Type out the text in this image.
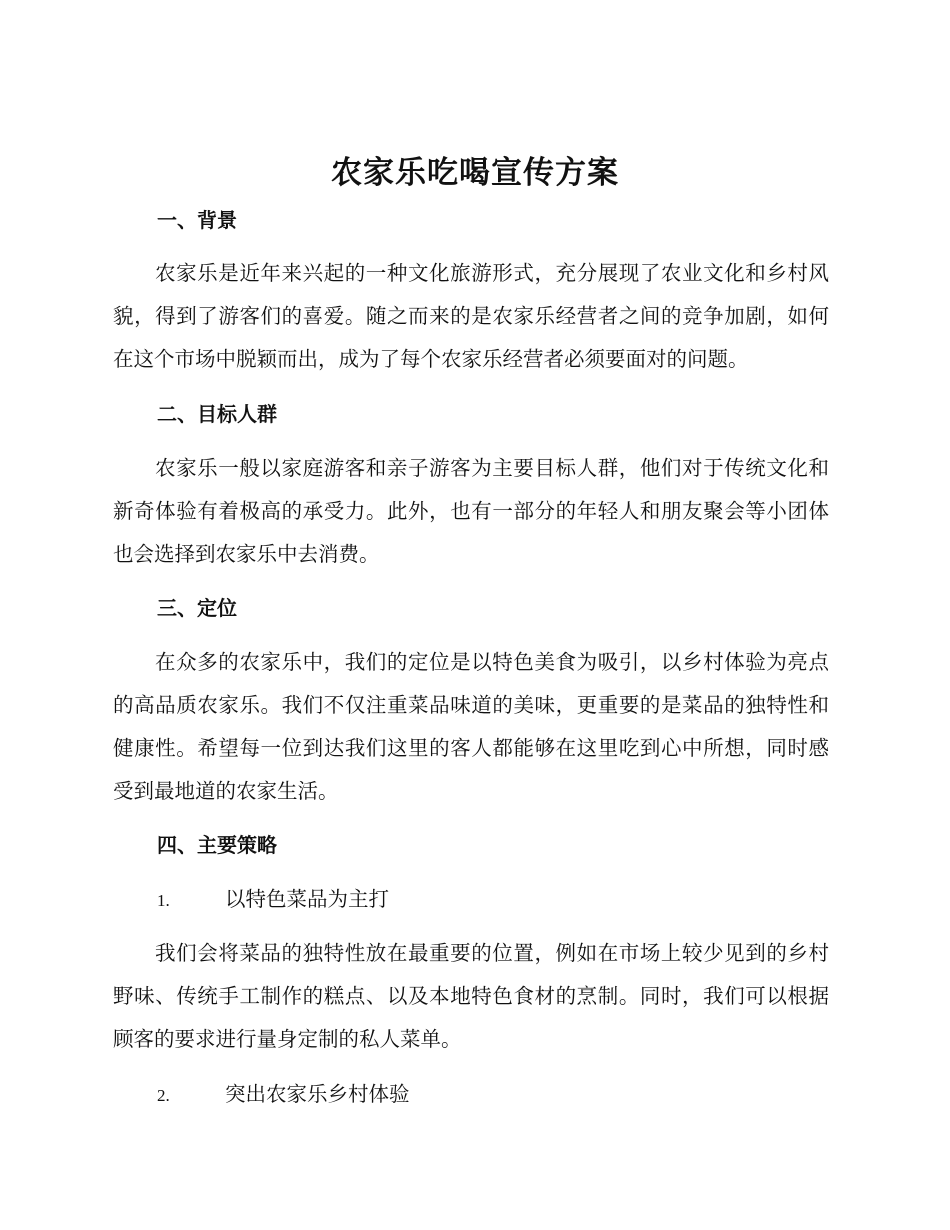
农家乐吃喝宣传方案
一、背景

农家乐是近年来兴起的一种文化旅游形式，充分展现了农业文化和乡村风貌，得到了游客们的喜爱。随之而来的是农家乐经营者之间的竞争加剧，如何在这个市场中脱颖而出，成为了每个农家乐经营者必须要面对的问题。

二、目标人群

农家乐一般以家庭游客和亲子游客为主要目标人群，他们对于传统文化和新奇体验有着极高的承受力。此外，也有一部分的年轻人和朋友聚会等小团体也会选择到农家乐中去消费。

三、定位

在众多的农家乐中，我们的定位是以特色美食为吸引，以乡村体验为亮点的高品质农家乐。我们不仅注重菜品味道的美味，更重要的是菜品的独特性和健康性。希望每一位到达我们这里的客人都能够在这里吃到心中所想，同时感受到最地道的农家生活。

四、主要策略
1.	以特色菜品为主打

我们会将菜品的独特性放在最重要的位置，例如在市场上较少见到的乡村野味、传统手工制作的糕点、以及本地特色食材的烹制。同时，我们可以根据顾客的要求进行量身定制的私人菜单。

2.	突出农家乐乡村体验
